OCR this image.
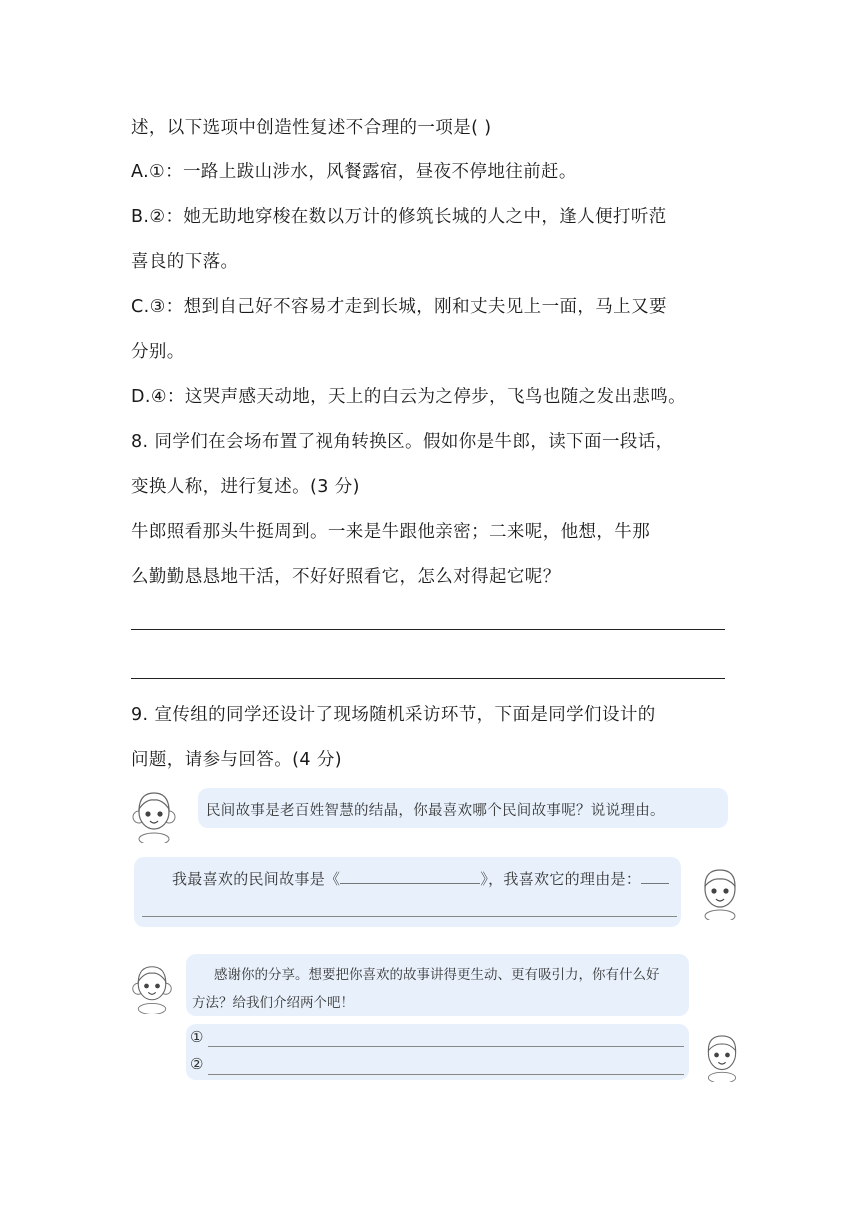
述，以下选项中创造性复述不合理的一项是( )
A.①：一路上跋山涉水，风餐露宿，昼夜不停地往前赶。
B.②：她无助地穿梭在数以万计的修筑长城的人之中，逢人便打听范
喜良的下落。
C.③：想到自己好不容易才走到长城，刚和丈夫见上一面，马上又要
分别。
D.④：这哭声感天动地，天上的白云为之停步，飞鸟也随之发出悲鸣。
8. 同学们在会场布置了视角转换区。假如你是牛郎，读下面一段话，
变换人称，进行复述。(3 分)
牛郎照看那头牛挺周到。一来是牛跟他亲密；二来呢，他想，牛那
么勤勤恳恳地干活，不好好照看它，怎么对得起它呢？
9. 宣传组的同学还设计了现场随机采访环节，下面是同学们设计的
问题，请参与回答。(4 分)
民间故事是老百姓智慧的结晶，你最喜欢哪个民间故事呢？说说理由。
我最喜欢的民间故事是《	》，我喜欢它的理由是：
感谢你的分享。想要把你喜欢的故事讲得更生动、更有吸引力，你有什么好
方法？给我们介绍两个吧！
①
②
